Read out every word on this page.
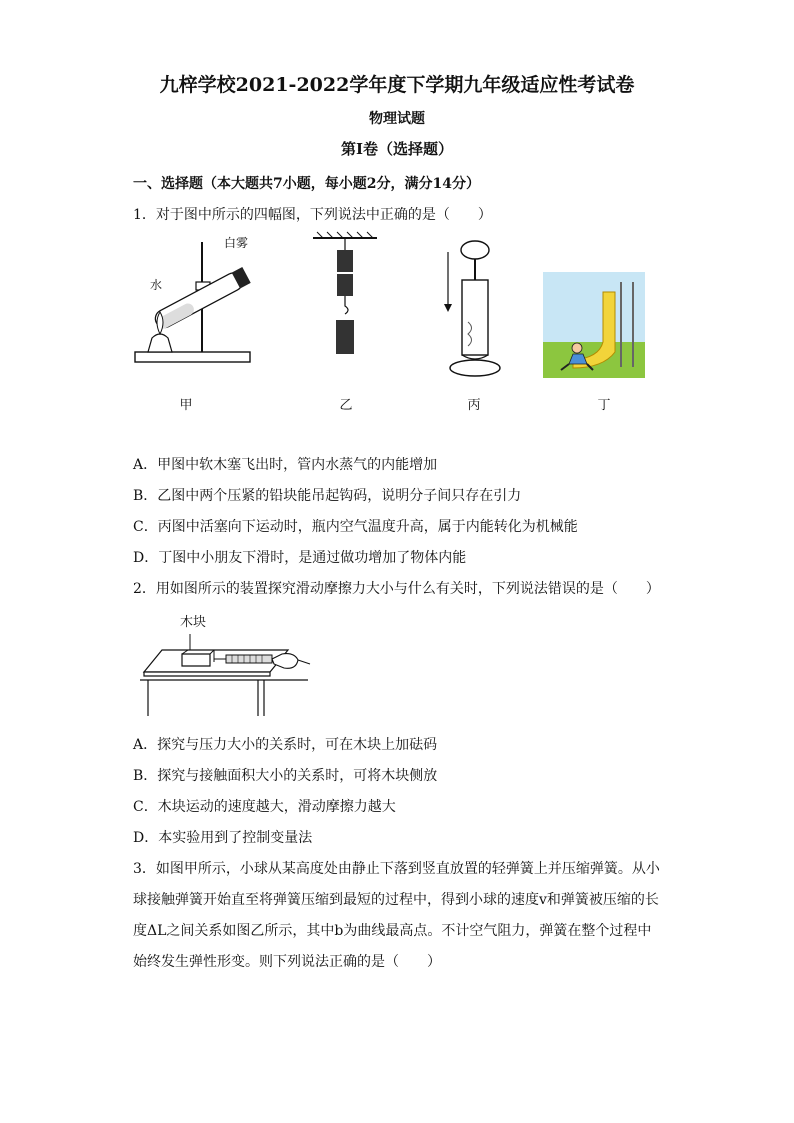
九梓学校2021-2022学年度下学期九年级适应性考试卷
物理试题
第I卷（选择题）
一、选择题（本大题共7小题，每小题2分，满分14分）
1．对于图中所示的四幅图，下列说法中正确的是（　　）
白雾
水
甲	乙	丙	丁
A．甲图中软木塞飞出时，管内水蒸气的内能增加
B．乙图中两个压紧的铅块能吊起钩码，说明分子间只存在引力
C．丙图中活塞向下运动时，瓶内空气温度升高，属于内能转化为机械能
D．丁图中小朋友下滑时，是通过做功增加了物体内能
2．用如图所示的装置探究滑动摩擦力大小与什么有关时，下列说法错误的是（　　）
木块
A．探究与压力大小的关系时，可在木块上加砝码
B．探究与接触面积大小的关系时，可将木块侧放
C．木块运动的速度越大，滑动摩擦力越大
D．本实验用到了控制变量法
3．如图甲所示，小球从某高度处由静止下落到竖直放置的轻弹簧上并压缩弹簧。从小
球接触弹簧开始直至将弹簧压缩到最短的过程中，得到小球的速度v和弹簧被压缩的长
度ΔL之间关系如图乙所示，其中b为曲线最高点。不计空气阻力，弹簧在整个过程中
始终发生弹性形变。则下列说法正确的是（　　）
